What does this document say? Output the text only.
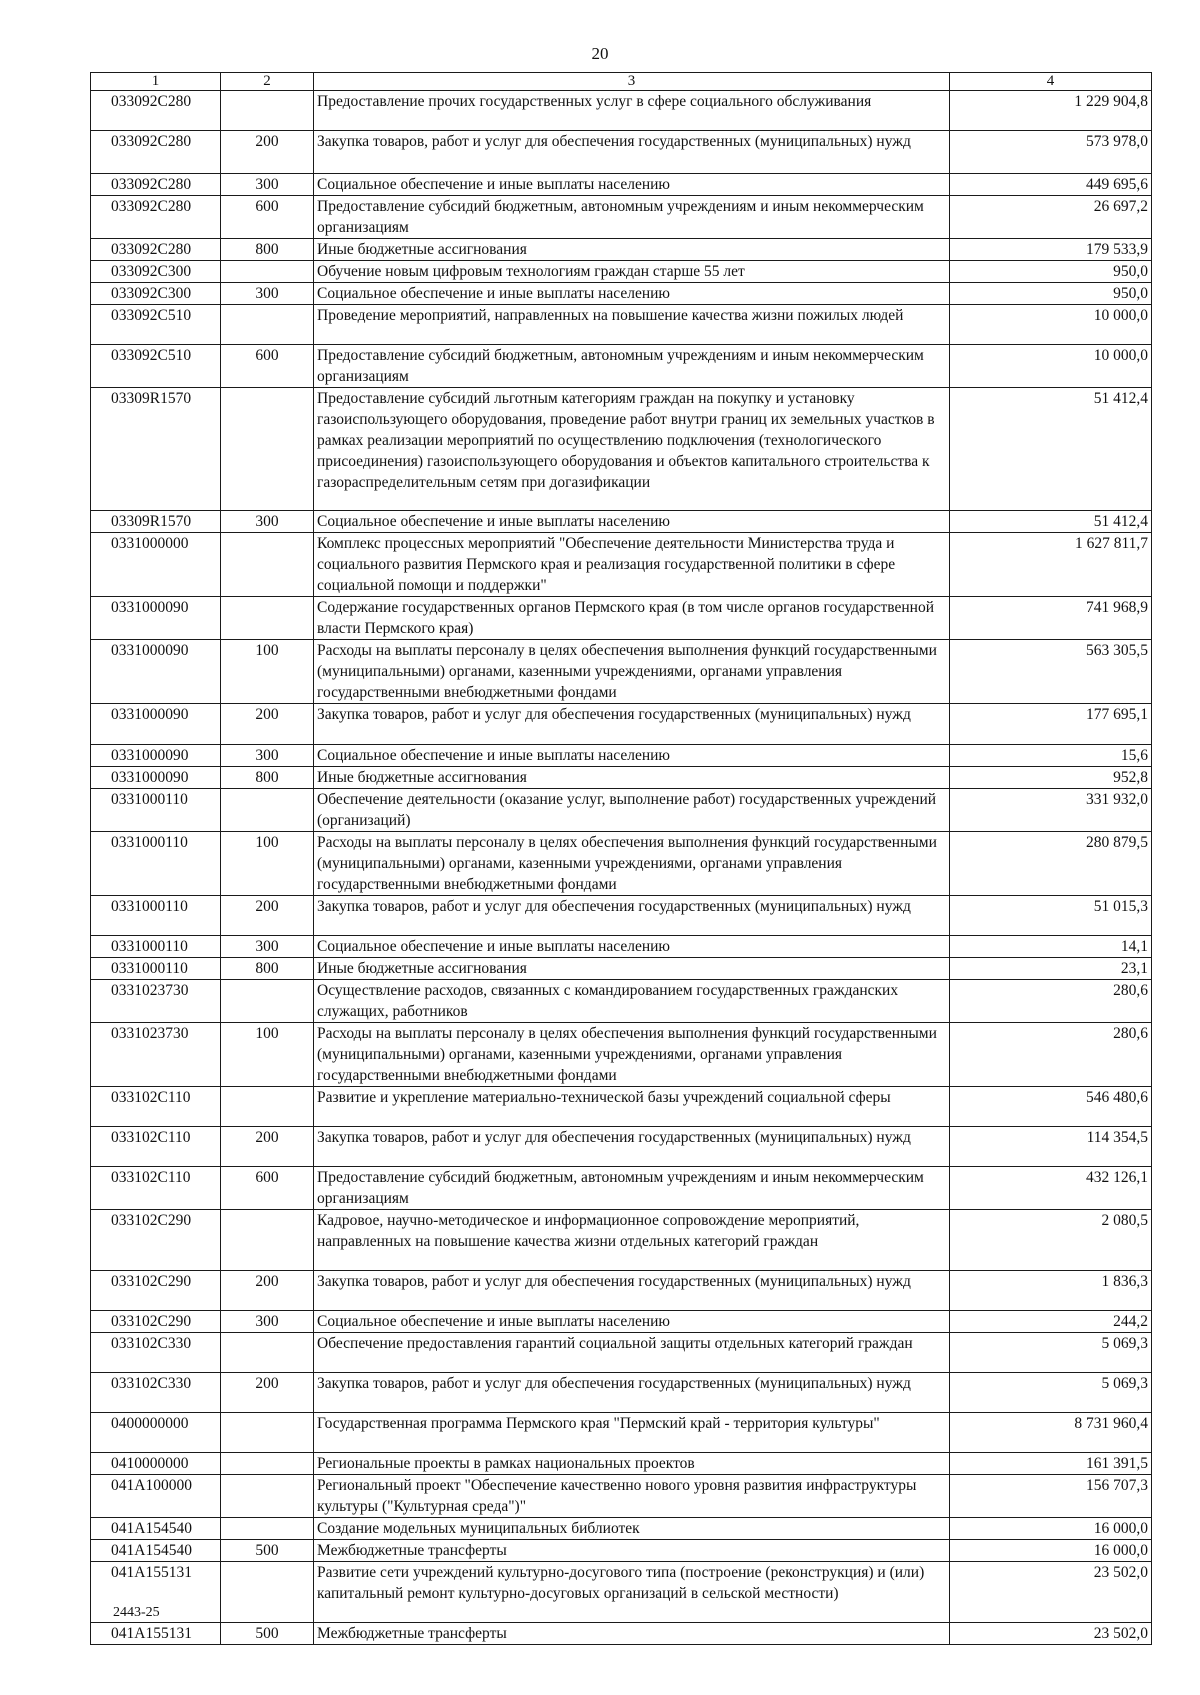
20
1	2	3	4
033092С280		Предоставление прочих государственных услуг в сфере социального обслуживания	1 229 904,8
033092С280	200	Закупка товаров, работ и услуг для обеспечения государственных (муниципальных) нужд	573 978,0
033092С280	300	Социальное обеспечение и иные выплаты населению	449 695,6
033092С280	600	Предоставление субсидий бюджетным, автономным учреждениям и иным некоммерческим организациям	26 697,2
033092С280	800	Иные бюджетные ассигнования	179 533,9
033092С300		Обучение новым цифровым технологиям граждан старше 55 лет	950,0
033092С300	300	Социальное обеспечение и иные выплаты населению	950,0
033092С510		Проведение мероприятий, направленных на повышение качества жизни пожилых людей	10 000,0
033092С510	600	Предоставление субсидий бюджетным, автономным учреждениям и иным некоммерческим организациям	10 000,0
03309R1570		Предоставление субсидий льготным категориям граждан на покупку и установку газоиспользующего оборудования, проведение работ внутри границ их земельных участков в рамках реализации мероприятий по осуществлению подключения (технологического присоединения) газоиспользующего оборудования и объектов капитального строительства к газораспределительным сетям при догазификации	51 412,4
03309R1570	300	Социальное обеспечение и иные выплаты населению	51 412,4
0331000000		Комплекс процессных мероприятий "Обеспечение деятельности Министерства труда и социального развития Пермского края и реализация государственной политики в сфере социальной помощи и поддержки"	1 627 811,7
0331000090		Содержание государственных органов Пермского края (в том числе органов государственной власти Пермского края)	741 968,9
0331000090	100	Расходы на выплаты персоналу в целях обеспечения выполнения функций государственными (муниципальными) органами, казенными учреждениями, органами управления государственными внебюджетными фондами	563 305,5
0331000090	200	Закупка товаров, работ и услуг для обеспечения государственных (муниципальных) нужд	177 695,1
0331000090	300	Социальное обеспечение и иные выплаты населению	15,6
0331000090	800	Иные бюджетные ассигнования	952,8
0331000110		Обеспечение деятельности (оказание услуг, выполнение работ) государственных учреждений (организаций)	331 932,0
0331000110	100	Расходы на выплаты персоналу в целях обеспечения выполнения функций государственными (муниципальными) органами, казенными учреждениями, органами управления государственными внебюджетными фондами	280 879,5
0331000110	200	Закупка товаров, работ и услуг для обеспечения государственных (муниципальных) нужд	51 015,3
0331000110	300	Социальное обеспечение и иные выплаты населению	14,1
0331000110	800	Иные бюджетные ассигнования	23,1
0331023730		Осуществление расходов, связанных с командированием государственных гражданских служащих, работников	280,6
0331023730	100	Расходы на выплаты персоналу в целях обеспечения выполнения функций государственными (муниципальными) органами, казенными учреждениями, органами управления государственными внебюджетными фондами	280,6
033102С110		Развитие и укрепление материально-технической базы учреждений социальной сферы	546 480,6
033102С110	200	Закупка товаров, работ и услуг для обеспечения государственных (муниципальных) нужд	114 354,5
033102С110	600	Предоставление субсидий бюджетным, автономным учреждениям и иным некоммерческим организациям	432 126,1
033102С290		Кадровое, научно-методическое и информационное сопровождение мероприятий, направленных на повышение качества жизни отдельных категорий граждан	2 080,5
033102С290	200	Закупка товаров, работ и услуг для обеспечения государственных (муниципальных) нужд	1 836,3
033102С290	300	Социальное обеспечение и иные выплаты населению	244,2
033102С330		Обеспечение предоставления гарантий социальной защиты отдельных категорий граждан	5 069,3
033102С330	200	Закупка товаров, работ и услуг для обеспечения государственных (муниципальных) нужд	5 069,3
0400000000		Государственная программа Пермского края "Пермский край - территория культуры"	8 731 960,4
0410000000		Региональные проекты в рамках национальных проектов	161 391,5
041A100000		Региональный проект "Обеспечение качественно нового уровня развития инфраструктуры культуры ("Культурная среда")"	156 707,3
041A154540		Создание модельных муниципальных библиотек	16 000,0
041A154540	500	Межбюджетные трансферты	16 000,0
041A155131		Развитие сети учреждений культурно-досугового типа (построение (реконструкция) и (или) капитальный ремонт культурно-досуговых организаций в сельской местности)	23 502,0
041A155131	500	Межбюджетные трансферты	23 502,0
2443-25
